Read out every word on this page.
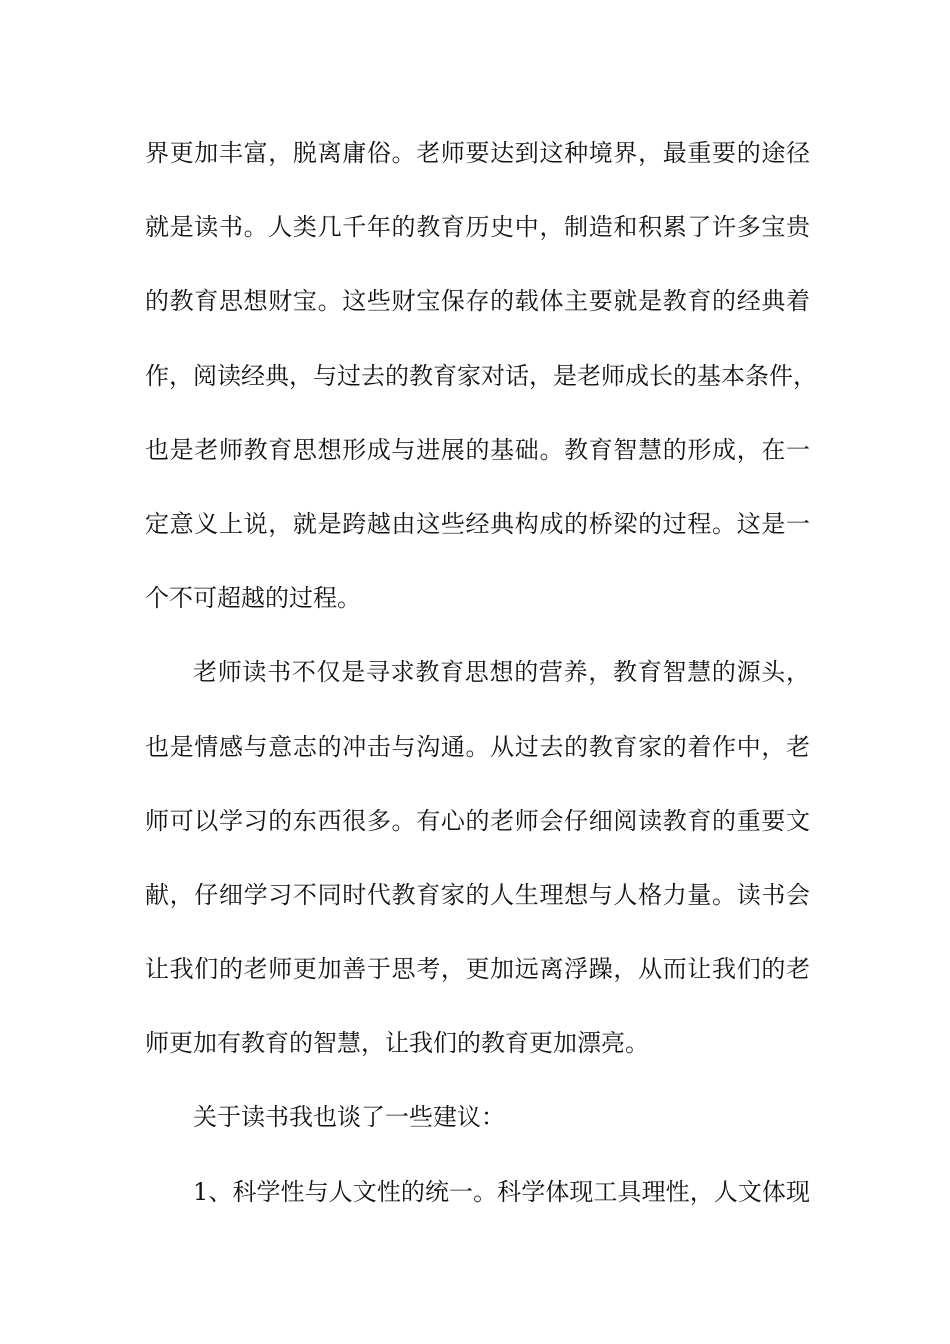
界更加丰富，脱离庸俗。老师要达到这种境界，最重要的途径
就是读书。人类几千年的教育历史中，制造和积累了许多宝贵
的教育思想财宝。这些财宝保存的载体主要就是教育的经典着
作，阅读经典，与过去的教育家对话，是老师成长的基本条件，
也是老师教育思想形成与进展的基础。教育智慧的形成，在一
定意义上说，就是跨越由这些经典构成的桥梁的过程。这是一
个不可超越的过程。
老师读书不仅是寻求教育思想的营养，教育智慧的源头，
也是情感与意志的冲击与沟通。从过去的教育家的着作中，老
师可以学习的东西很多。有心的老师会仔细阅读教育的重要文
献，仔细学习不同时代教育家的人生理想与人格力量。读书会
让我们的老师更加善于思考，更加远离浮躁，从而让我们的老
师更加有教育的智慧，让我们的教育更加漂亮。
关于读书我也谈了一些建议：
1、科学性与人文性的统一。科学体现工具理性，人文体现
